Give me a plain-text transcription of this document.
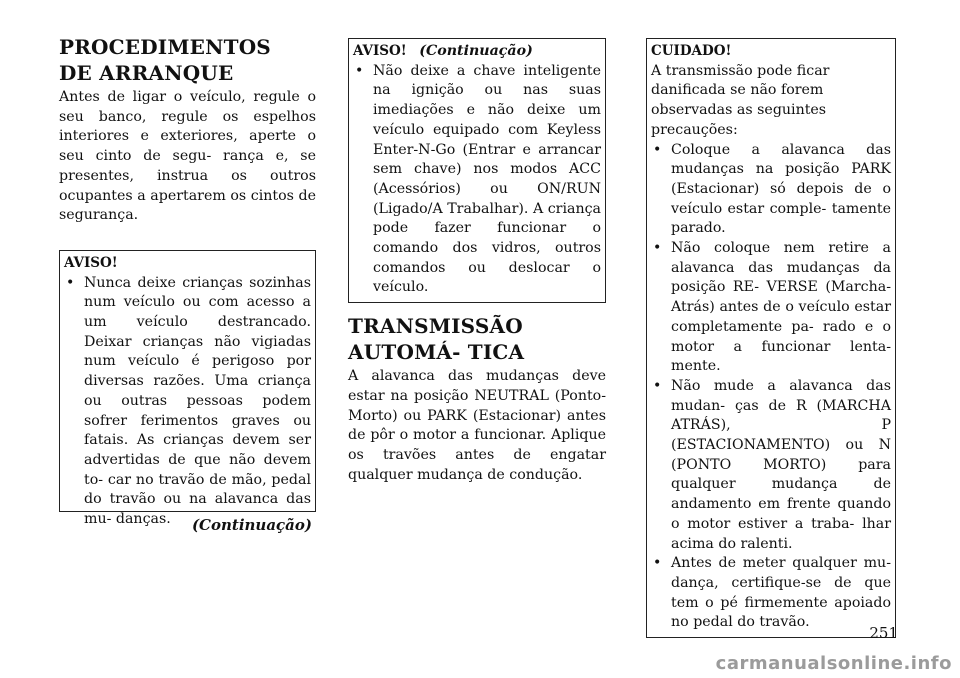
PROCEDIMENTOS DE ARRANQUE

Antes de ligar o veículo, regule o seu banco, regule os espelhos interiores e exteriores, aperte o seu cinto de segu- rança e, se presentes, instrua os outros ocupantes a apertarem os cintos de segurança.

AVISO!
• Nunca deixe crianças sozinhas num veículo ou com acesso a um veículo destrancado. Deixar crianças não vigiadas num veículo é perigoso por diversas razões. Uma criança ou outras pessoas podem sofrer ferimentos graves ou fatais. As crianças devem ser advertidas de que não devem to- car no travão de mão, pedal do travão ou na alavanca das mu- danças.	(Continuação)
AVISO! (Continuação)
• Não deixe a chave inteligente na ignição ou nas suas imediações e não deixe um veículo equipado com Keyless Enter-N-Go (Entrar e arrancar sem chave) nos modos ACC (Acessórios) ou ON/RUN (Ligado/A Trabalhar). A criança pode fazer funcionar o comando dos vidros, outros comandos ou deslocar o veículo.
TRANSMISSÃO AUTOMÁ- TICA

A alavanca das mudanças deve estar na posição NEUTRAL (Ponto-Morto) ou PARK (Estacionar) antes de pôr o motor a funcionar. Aplique os travões antes de engatar qualquer mudança de condução.

CUIDADO!

A transmissão pode ficar danificada se não forem observadas as seguintes precauções:

• Coloque a alavanca das mudanças na posição PARK (Estacionar) só depois de o veículo estar comple- tamente parado.
• Não coloque nem retire a alavanca das mudanças da posição RE- VERSE (Marcha-Atrás) antes de o veículo estar completamente pa- rado e o motor a funcionar lenta- mente.
• Não mude a alavanca das mudan- ças de R (MARCHA ATRÁS), P (ESTACIONAMENTO) ou N (PONTO MORTO) para qualquer mudança de andamento em frente quando o motor estiver a traba- lhar acima do ralenti.
• Antes de meter qualquer mu- dança, certifique-se de que tem o pé firmemente apoiado no pedal do travão.
251
carmanualsonline.info
